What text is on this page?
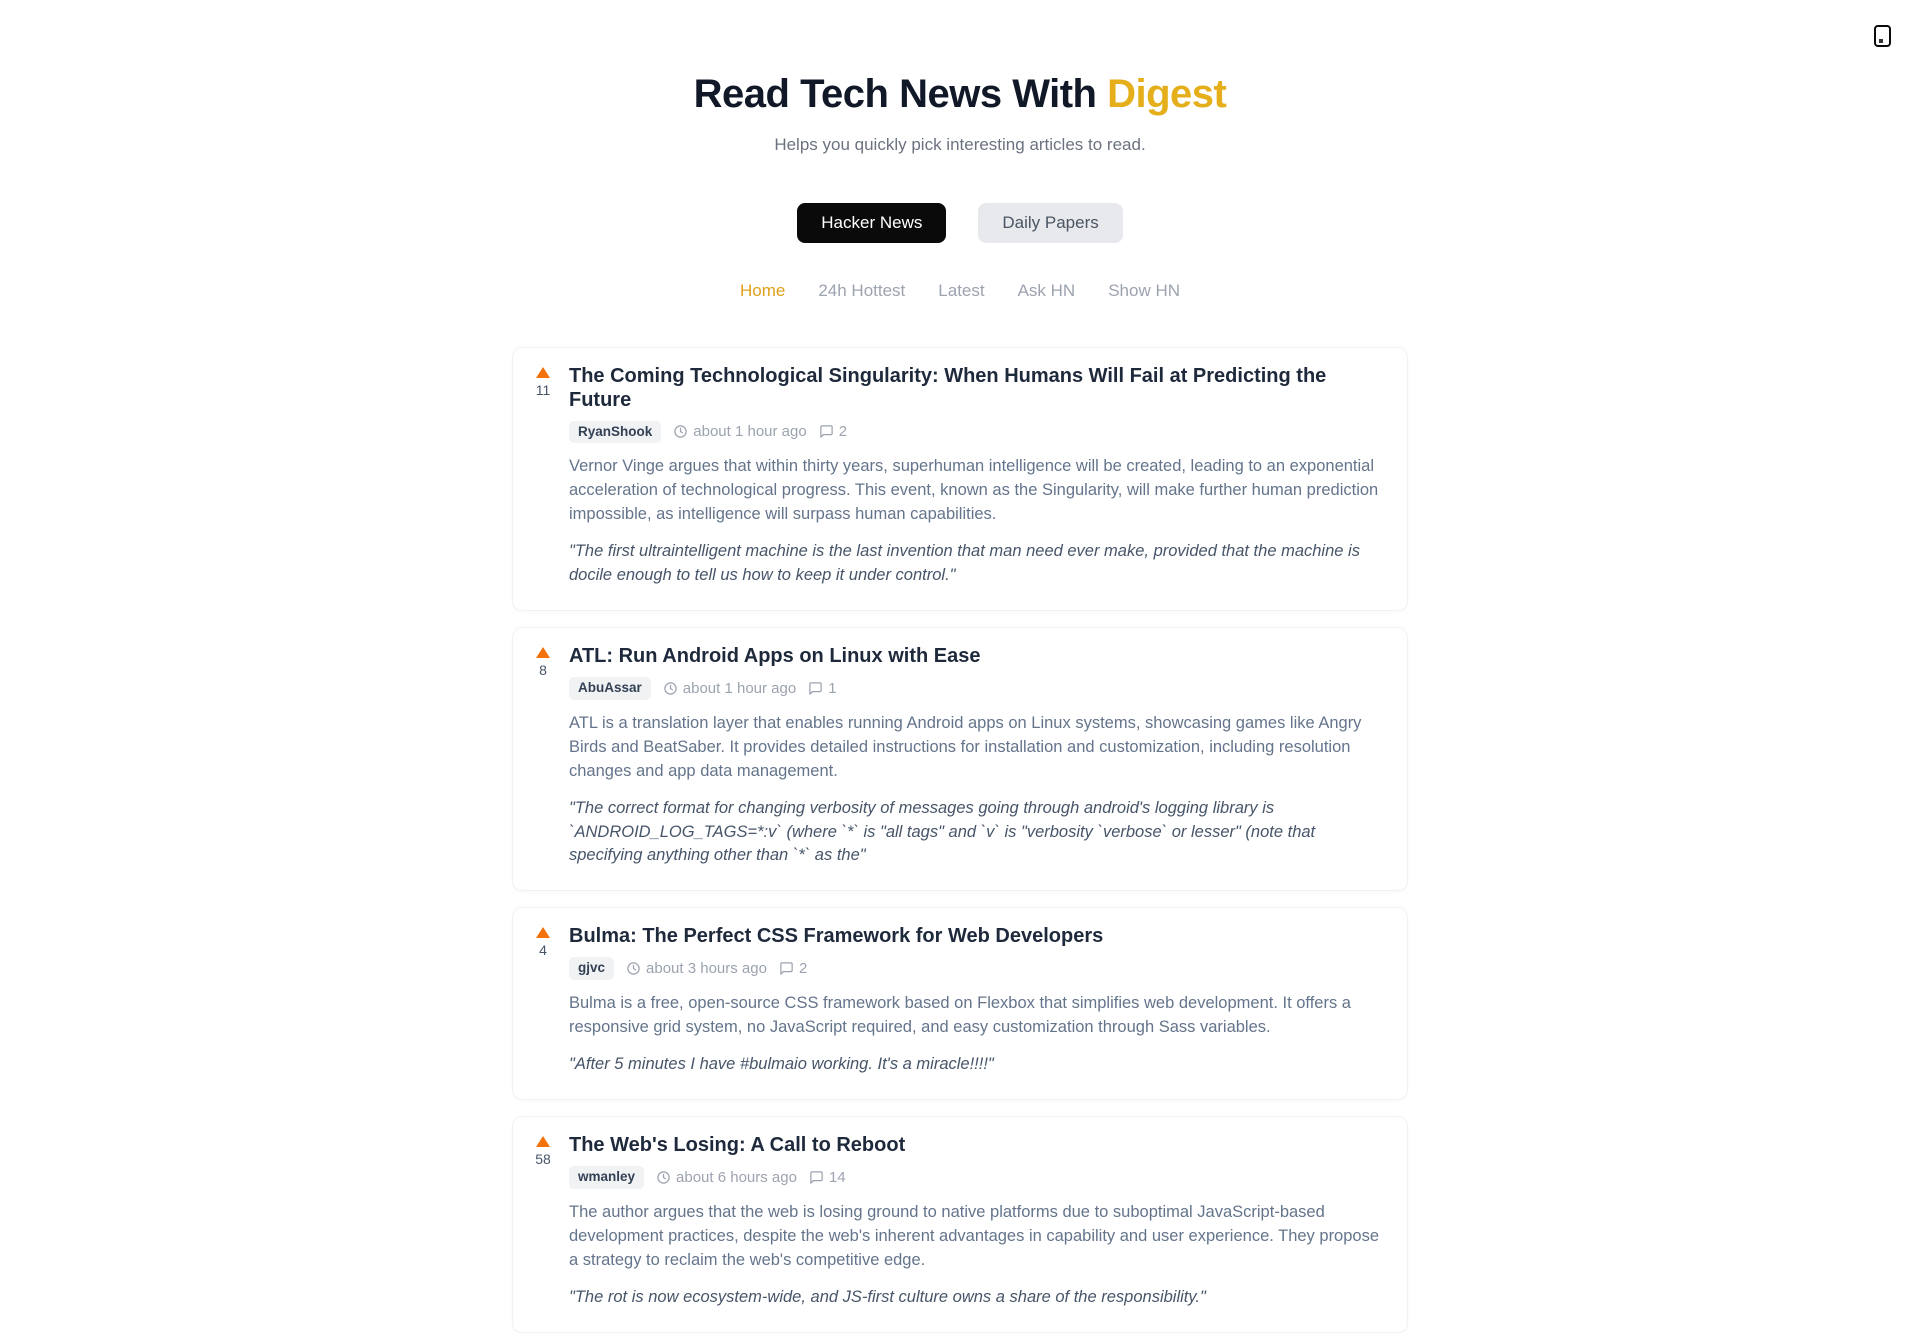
Read Tech News With Digest

Helps you quickly pick interesting articles to read.

Hacker News	Daily Papers
Home 24h Hottest Latest Ask HN Show HN
11
The Coming Technological Singularity: When Humans Will Fail at Predicting the Future
RyanShook	about 1 hour ago 2

Vernor Vinge argues that within thirty years, superhuman intelligence will be created, leading to an exponential acceleration of technological progress. This event, known as the Singularity, will make further human prediction impossible, as intelligence will surpass human capabilities.

"The first ultraintelligent machine is the last invention that man need ever make, provided that the machine is docile enough to tell us how to keep it under control."

8
ATL: Run Android Apps on Linux with Ease
AbuAssar	about 1 hour ago 1

ATL is a translation layer that enables running Android apps on Linux systems, showcasing games like Angry Birds and BeatSaber. It provides detailed instructions for installation and customization, including resolution changes and app data management.

"The correct format for changing verbosity of messages going through android's logging library is `ANDROID_LOG_TAGS=*:v` (where `*` is "all tags" and `v` is "verbosity `verbose` or lesser" (note that specifying anything other than `*` as the"

4
Bulma: The Perfect CSS Framework for Web Developers
gjvc	about 3 hours ago 2

Bulma is a free, open-source CSS framework based on Flexbox that simplifies web development. It offers a responsive grid system, no JavaScript required, and easy customization through Sass variables.

"After 5 minutes I have #bulmaio working. It's a miracle!!!!"

58
The Web's Losing: A Call to Reboot
wmanley	about 6 hours ago 14

The author argues that the web is losing ground to native platforms due to suboptimal JavaScript-based development practices, despite the web's inherent advantages in capability and user experience. They propose a strategy to reclaim the web's competitive edge.

"The rot is now ecosystem-wide, and JS-first culture owns a share of the responsibility."
